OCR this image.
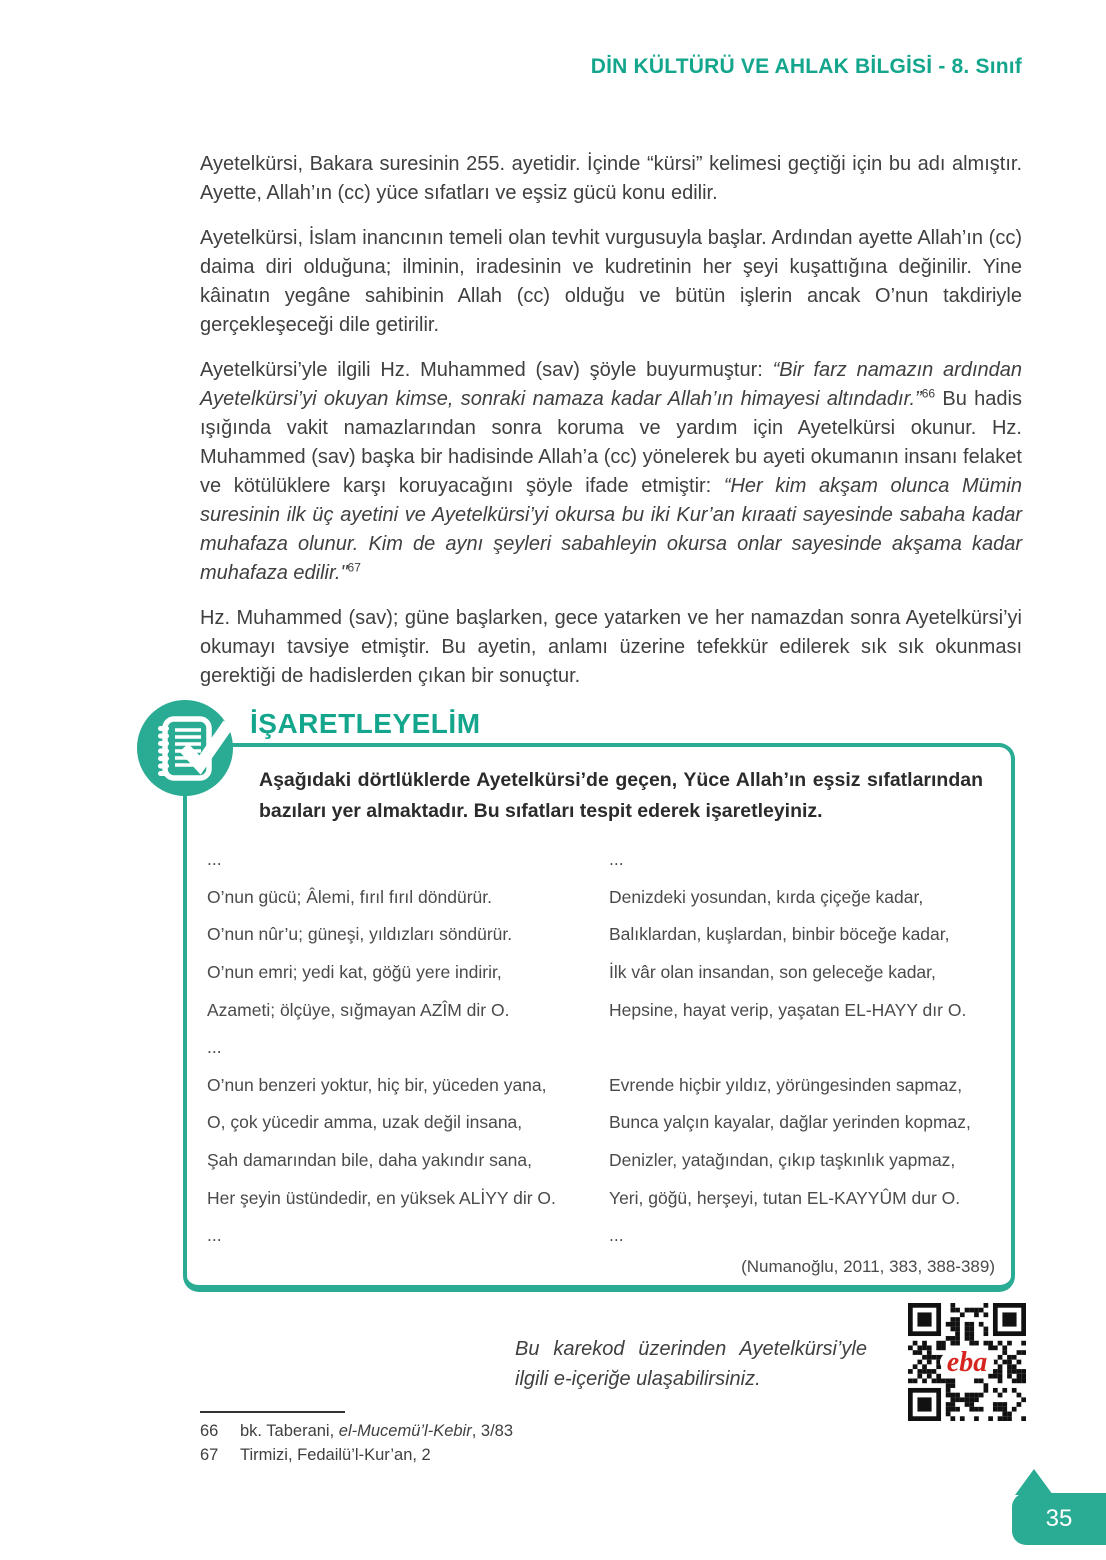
DİN KÜLTÜRÜ VE AHLAK BİLGİSİ - 8. Sınıf

Ayetelkürsi, Bakara suresinin 255. ayetidir. İçinde “kürsi” kelimesi geçtiği için bu adı almıştır. Ayette, Allah’ın (cc) yüce sıfatları ve eşsiz gücü konu edilir.

Ayetelkürsi, İslam inancının temeli olan tevhit vurgusuyla başlar. Ardından ayette Allah’ın (cc) daima diri olduğuna; ilminin, iradesinin ve kudretinin her şeyi kuşattığına değinilir. Yine kâinatın yegâne sahibinin Allah (cc) olduğu ve bütün işlerin ancak O’nun takdiriyle gerçekleşeceği dile getirilir.

Ayetelkürsi’yle ilgili Hz. Muhammed (sav) şöyle buyurmuştur: “Bir farz namazın ardından Ayetelkürsi’yi okuyan kimse, sonraki namaza kadar Allah’ın himayesi altındadır.”$^{66}$ Bu hadis ışığında vakit namazlarından sonra koruma ve yardım için Ayetelkürsi okunur. Hz. Muhammed (sav) başka bir hadisinde Allah’a (cc) yönelerek bu ayeti okumanın insanı felaket ve kötülüklere karşı koruyacağını şöyle ifade etmiştir: “Her kim akşam olunca Mümin suresinin ilk üç ayetini ve Ayetelkürsi’yi okursa bu iki Kur’an kıraati sayesinde sabaha kadar muhafaza olunur. Kim de aynı şeyleri sabahleyin okursa onlar sayesinde akşama kadar muhafaza edilir."$^{67}$

Hz. Muhammed (sav); güne başlarken, gece yatarken ve her namazdan sonra Ayetelkürsi’yi okumayı tavsiye etmiştir. Bu ayetin, anlamı üzerine tefekkür edilerek sık sık okunması gerektiği de hadislerden çıkan bir sonuçtur.

İŞARETLEYELİM
Aşağıdaki dörtlüklerde Ayetelkürsi’de geçen, Yüce Allah’ın eşsiz sıfatlarından bazıları yer almaktadır. Bu sıfatları tespit ederek işaretleyiniz.
...
O’nun gücü; Âlemi, fırıl fırıl döndürür.
O’nun nûr’u; güneşi, yıldızları söndürür.
O’nun emri; yedi kat, göğü yere indirir,
Azameti; ölçüye, sığmayan AZÎM dir O.
...
O’nun benzeri yoktur, hiç bir, yüceden yana,
O, çok yücedir amma, uzak değil insana,
Şah damarından bile, daha yakındır sana,
Her şeyin üstündedir, en yüksek ALİYY dir O.
...
...
Denizdeki yosundan, kırda çiçeğe kadar,
Balıklardan, kuşlardan, binbir böceğe kadar,
İlk vâr olan insandan, son geleceğe kadar,
Hepsine, hayat verip, yaşatan EL-HAYY dır O.
Evrende hiçbir yıldız, yörüngesinden sapmaz,
Bunca yalçın kayalar, dağlar yerinden kopmaz,
Denizler, yatağından, çıkıp taşkınlık yapmaz,
Yeri, göğü, herşeyi, tutan EL-KAYYÛM dur O.
...
(Numanoğlu, 2011, 383, 388-389)
Bu karekod üzerinden Ayetelkürsi’yle ilgili e-içeriğe ulaşabilirsiniz.
eba
66 bk. Taberani, el-Mucemü’l-Kebir, 3/83
67 Tirmizi, Fedailü’l-Kur’an, 2
35
